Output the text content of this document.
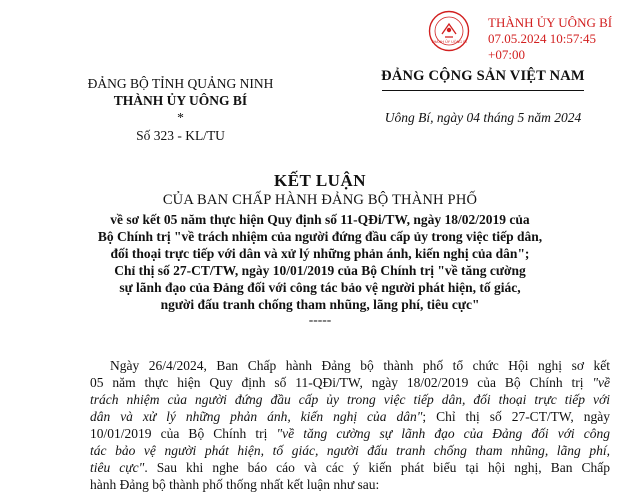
THÀNH ỦY UÔNG BÍ
THÀNH ỦY UÔNG BÍ
07.05.2024 10:57:45
+07:00
ĐẢNG BỘ TỈNH QUẢNG NINH
THÀNH ỦY UÔNG BÍ
*
Số 323 - KL/TU
ĐẢNG CỘNG SẢN VIỆT NAM
Uông Bí, ngày 04 tháng 5 năm 2024
KẾT LUẬN
CỦA BAN CHẤP HÀNH ĐẢNG BỘ THÀNH PHỐ
về sơ kết 05 năm thực hiện Quy định số 11-QĐi/TW, ngày 18/02/2019 của
Bộ Chính trị "về trách nhiệm của người đứng đầu cấp ủy trong việc tiếp dân,
đối thoại trực tiếp với dân và xử lý những phản ánh, kiến nghị của dân";
Chỉ thị số 27-CT/TW, ngày 10/01/2019 của Bộ Chính trị "về tăng cường
sự lãnh đạo của Đảng đối với công tác bảo vệ người phát hiện, tố giác,
người đấu tranh chống tham nhũng, lãng phí, tiêu cực"
-----
Ngày 26/4/2024, Ban Chấp hành Đảng bộ thành phố tổ chức Hội nghị sơ kết
05 năm thực hiện Quy định số 11-QĐi/TW, ngày 18/02/2019 của Bộ Chính trị "về
trách nhiệm của người đứng đầu cấp ủy trong việc tiếp dân, đối thoại trực tiếp với
dân và xử lý những phản ánh, kiến nghị của dân"; Chỉ thị số 27-CT/TW, ngày
10/01/2019 của Bộ Chính trị "về tăng cường sự lãnh đạo của Đảng đối với công
tác bảo vệ người phát hiện, tố giác, người đấu tranh chống tham nhũng, lãng phí,
tiêu cực". Sau khi nghe báo cáo và các ý kiến phát biểu tại hội nghị, Ban Chấp
hành Đảng bộ thành phố thống nhất kết luận như sau:
